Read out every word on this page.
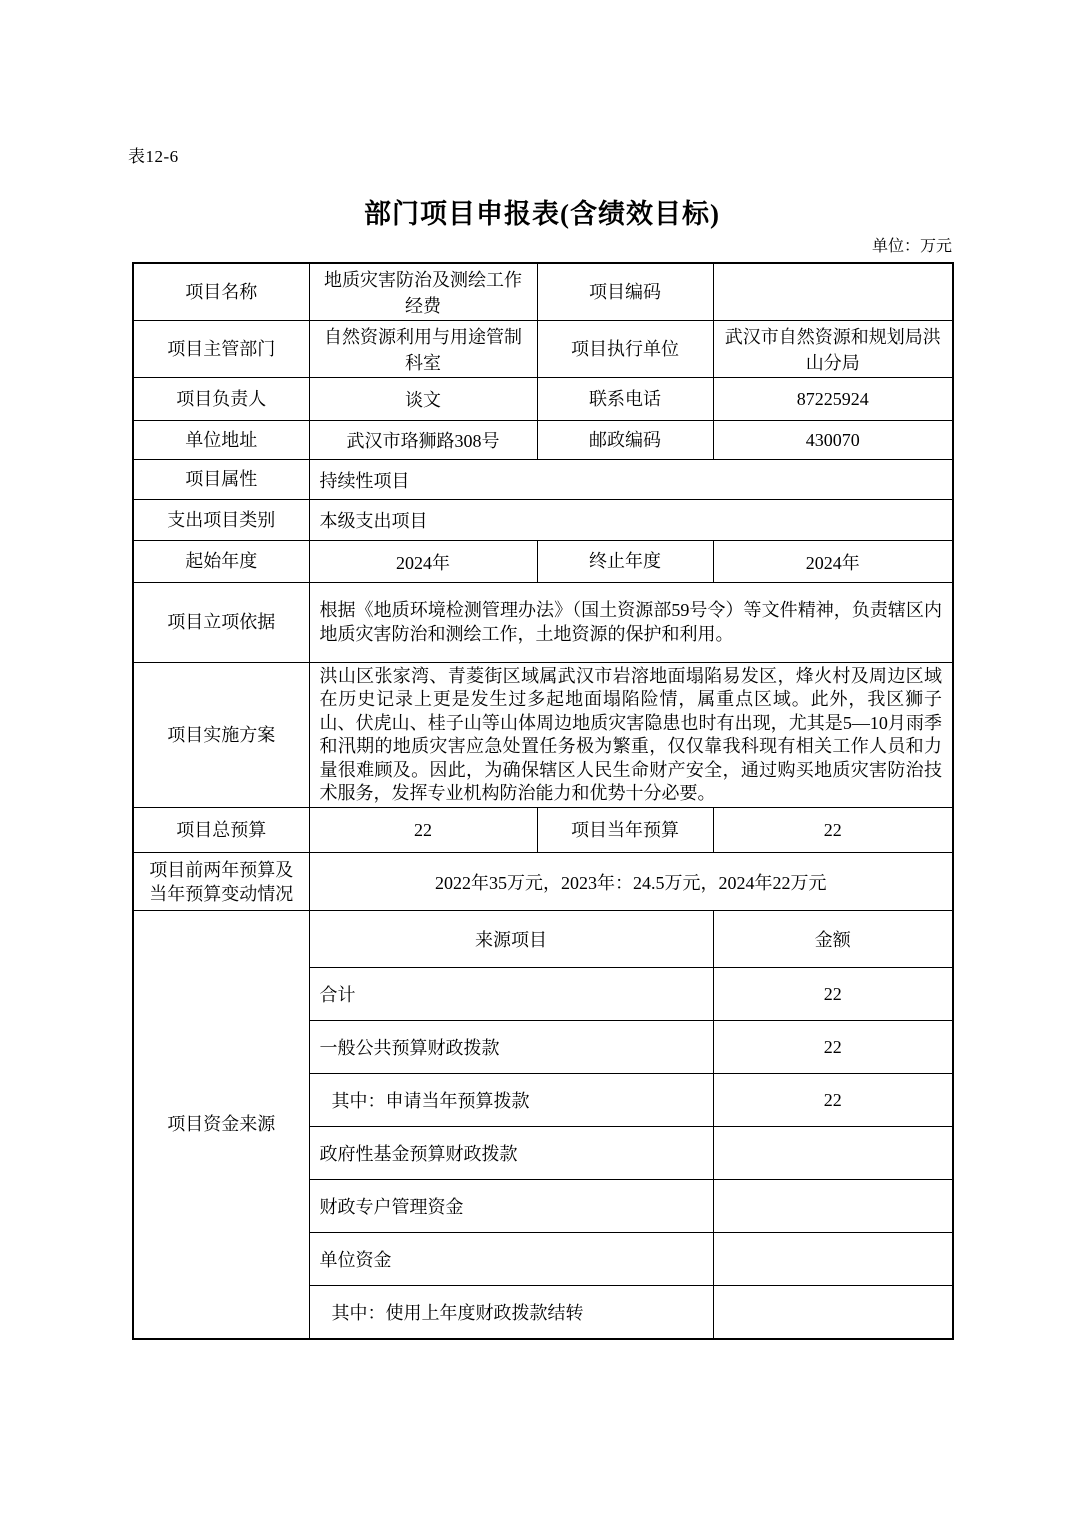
表12-6
部门项目申报表(含绩效目标)
单位：万元
项目名称	地质灾害防治及测绘工作经费	项目编码	
项目主管部门	自然资源利用与用途管制科室	项目执行单位	武汉市自然资源和规划局洪山分局
项目负责人	谈文	联系电话	87225924
单位地址	武汉市珞狮路308号	邮政编码	430070
项目属性	持续性项目		
支出项目类别	本级支出项目		
起始年度	2024年	终止年度	2024年
项目立项依据	根据《地质环境检测管理办法》（国土资源部59号令）等文件精神，负责辖区内地质灾害防治和测绘工作，土地资源的保护和利用。		
项目实施方案	洪山区张家湾、青菱街区域属武汉市岩溶地面塌陷易发区，烽火村及周边区域在历史记录上更是发生过多起地面塌陷险情，属重点区域。此外，我区狮子山、伏虎山、桂子山等山体周边地质灾害隐患也时有出现，尤其是5—10月雨季和汛期的地质灾害应急处置任务极为繁重，仅仅靠我科现有相关工作人员和力量很难顾及。因此，为确保辖区人民生命财产安全，通过购买地质灾害防治技术服务，发挥专业机构防治能力和优势十分必要。		
项目总预算	22	项目当年预算	22
项目前两年预算及当年预算变动情况	2022年35万元，2023年：24.5万元，2024年22万元		
项目资金来源	来源项目		金额
	合计		22
	一般公共预算财政拨款		22
	其中：申请当年预算拨款		22
	政府性基金预算财政拨款		
	财政专户管理资金		
	单位资金		
	其中：使用上年度财政拨款结转		
